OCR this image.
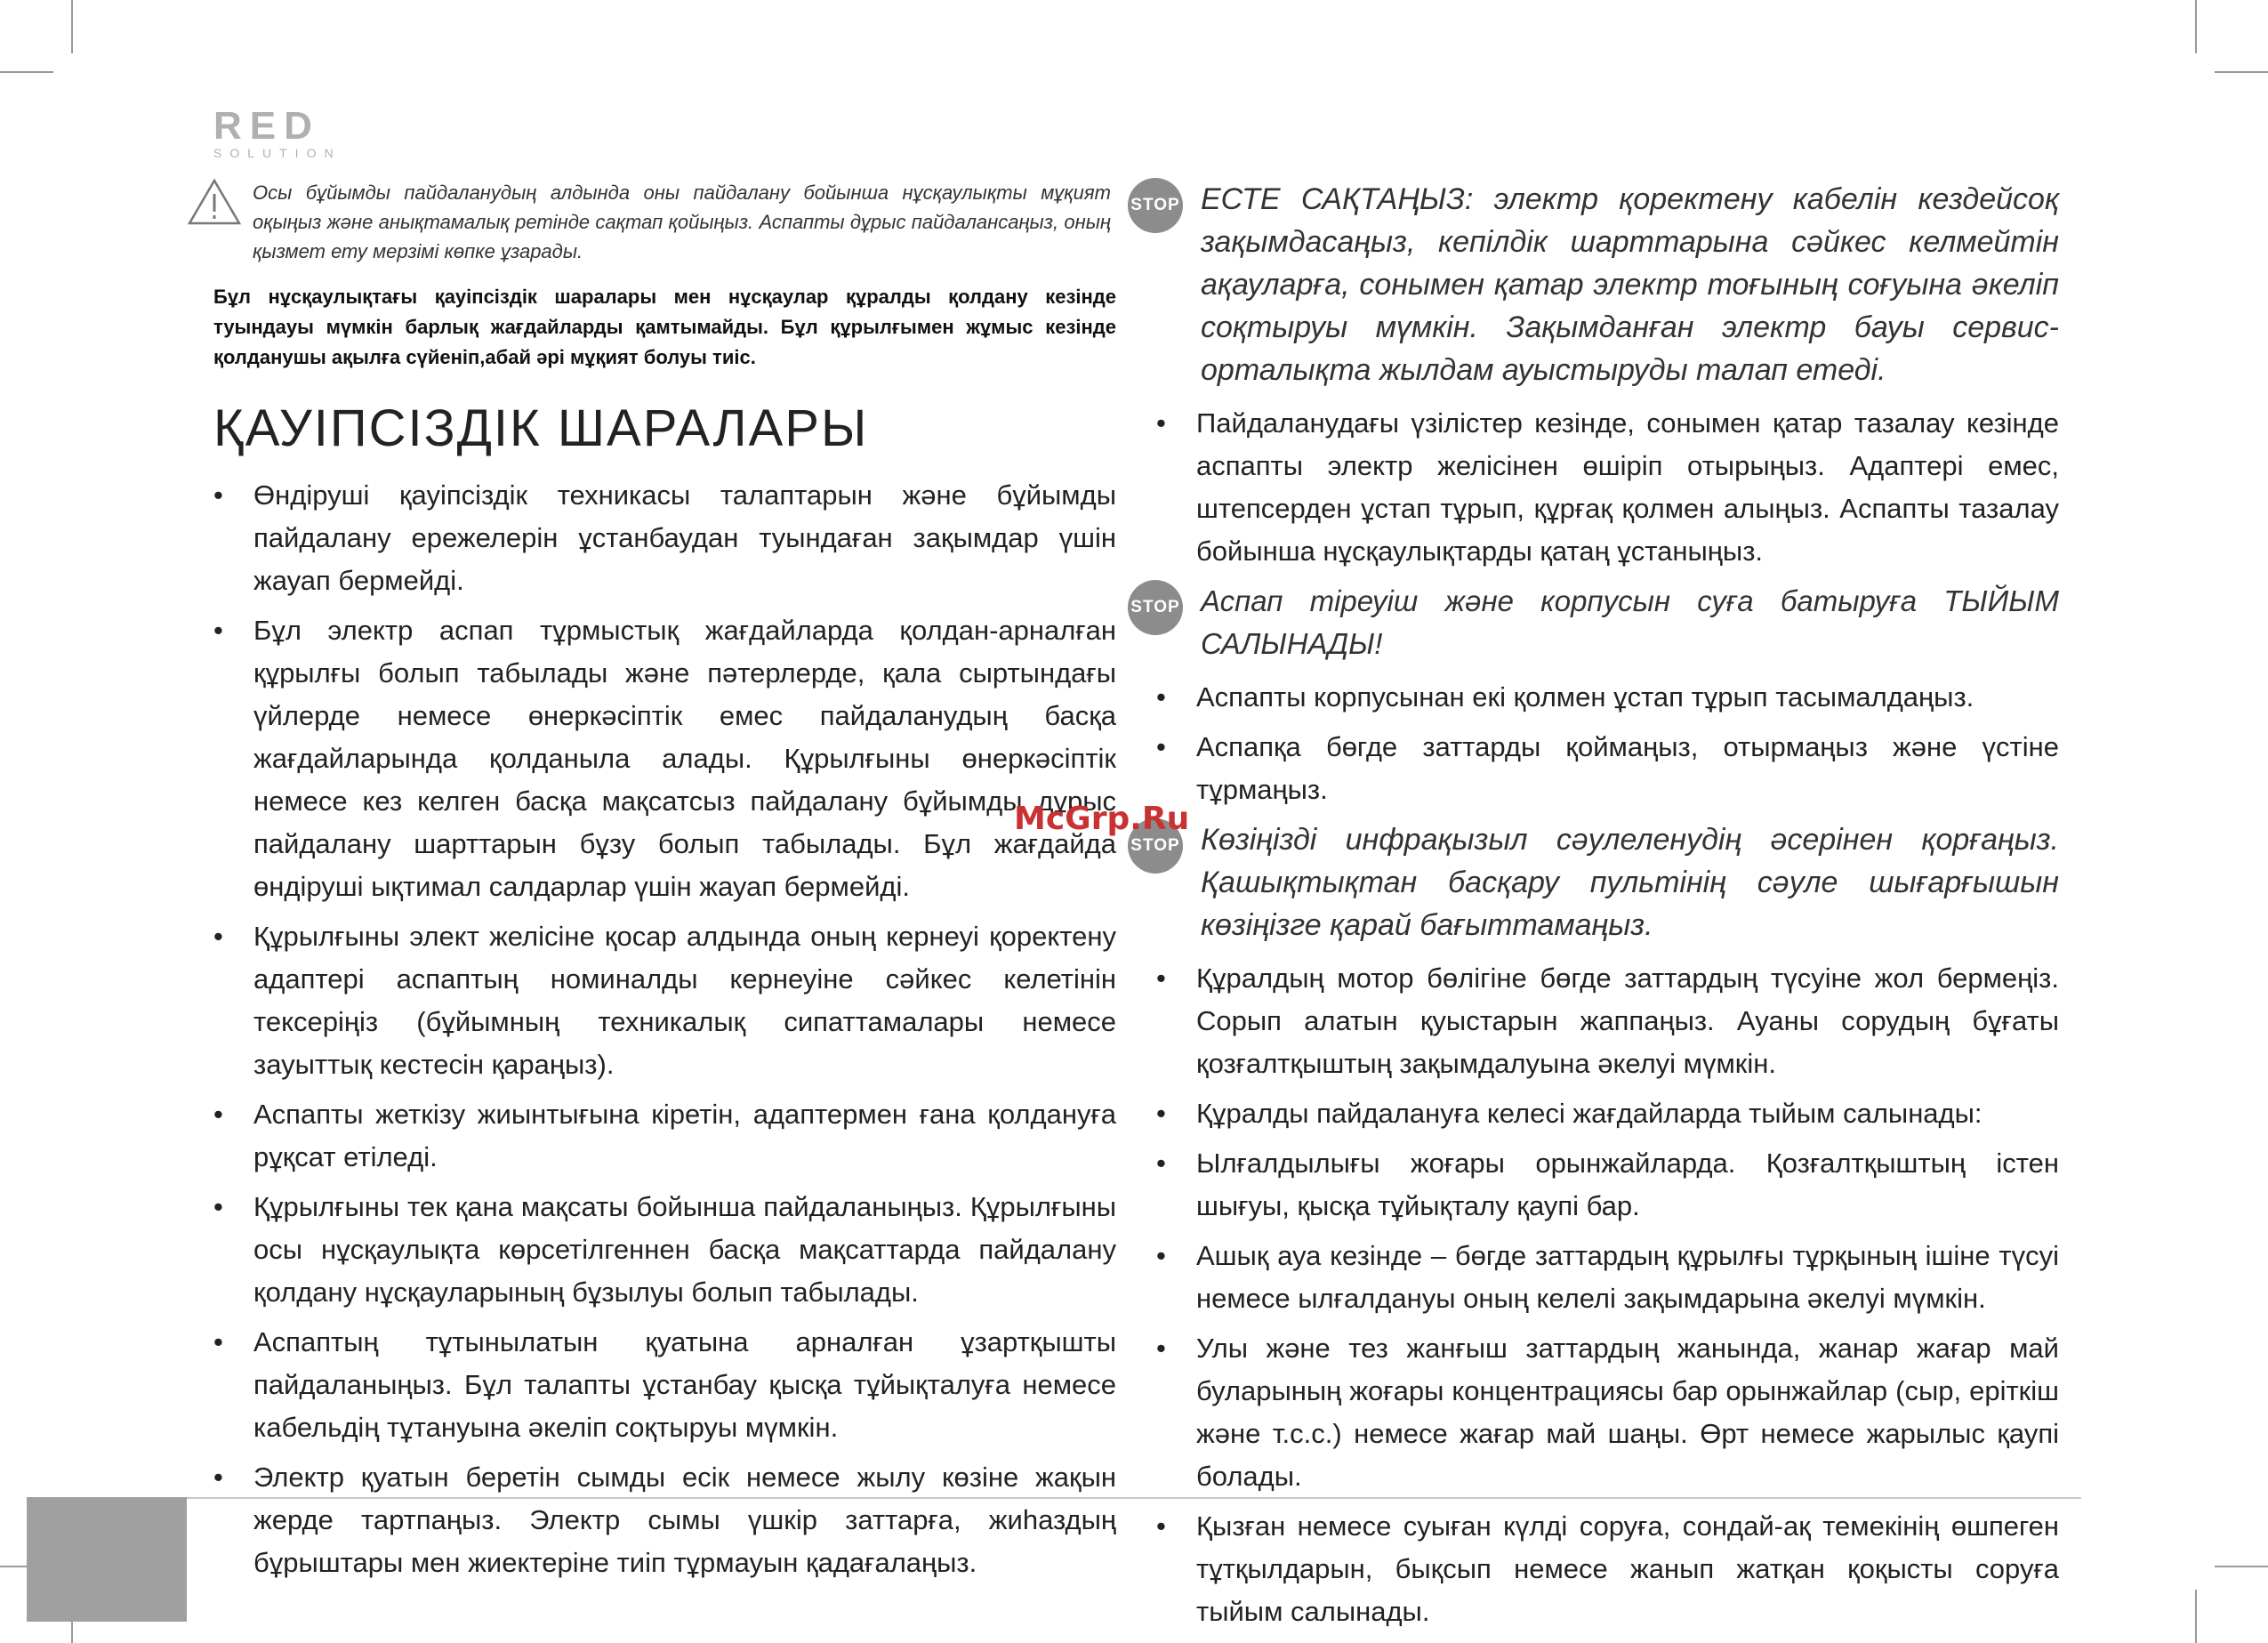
RED
SOLUTION
Осы бұйымды пайдаланудың алдында оны пайдалану бойынша нұсқаулықты мұқият оқыңыз және анықтамалық ретінде сақтап қойыңыз. Аспапты дұрыс пайдалансаңыз, оның қызмет ету мерзімі көпке ұзарады.
Бұл нұсқаулықтағы қауіпсіздік шаралары мен нұсқаулар құралды қолдану кезінде туындауы мүмкін барлық жағдайларды қамтымайды. Бұл құрылғымен жұмыс кезінде қолданушы ақылға сүйеніп,абай әрі мұқият болуы тиіс.
ҚАУІПСІЗДІК ШАРАЛАРЫ
• Өндіруші қауіпсіздік техникасы талаптарын және бұйымды пайдалану ережелерін ұстанбаудан туындаған зақымдар үшін жауап бермейді.
• Бұл электр аспап тұрмыстық жағдайларда қолдан-арналған құрылғы болып табылады және пәтерлерде, қала сыртындағы үйлерде немесе өнеркәсіптік емес пайдаланудың басқа жағдайларында қолданыла алады. Құрылғыны өнеркәсіптік немесе кез келген басқа мақсатсыз пайдалану бұйымды дұрыс пайдалану шарттарын бұзу болып табылады. Бұл жағдайда өндіруші ықтимал салдарлар үшін жауап бермейді.
• Құрылғыны элект желісіне қосар алдында оның кернеуі қоректену адаптері аспаптың номиналды кернеуіне сәйкес келетінін тексеріңіз (бұйымның техникалық сипаттамалары немесе зауыттық кестесін қараңыз).
• Аспапты жеткізу жиынтығына кіретін, адаптермен ғана қолдануға рұқсат етіледі.
• Құрылғыны тек қана мақсаты бойынша пайдаланыңыз. Құрылғыны осы нұсқаулықта көрсетілгеннен басқа мақсаттарда пайдалану қолдану нұсқауларының бұзылуы болып табылады.
• Аспаптың тұтынылатын қуатына арналған ұзартқышты пайдаланыңыз. Бұл талапты ұстанбау қысқа тұйықталуға немесе кабельдің тұтануына әкеліп соқтыруы мүмкін.
• Электр қуатын беретін сымды есік немесе жылу көзіне жақын жерде тартпаңыз. Электр сымы үшкір заттарға, жиһаздың бұрыштары мен жиектеріне тиіп тұрмауын қадағалаңыз.
STOP ЕСТЕ САҚТАҢЫЗ: электр қоректену кабелін кездейсоқ зақымдасаңыз, кепілдік шарттарына сәйкес келмейтін ақауларға, сонымен қатар электр тоғының соғуына әкеліп соқтыруы мүмкін. Зақымданған электр бауы сервис-орталықта жылдам ауыстыруды талап етеді.
• Пайдаланудағы үзілістер кезінде, сонымен қатар тазалау кезінде аспапты электр желісінен өшіріп отырыңыз. Адаптері емес, штепсерден ұстап тұрып, құрғақ қолмен алыңыз. Аспапты тазалау бойынша нұсқаулықтарды қатаң ұстаныңыз.
STOP Аспап тіреуіш және корпусын суға батыруға ТЫЙЫМ САЛЫНАДЫ!
• Аспапты корпусынан екі қолмен ұстап тұрып тасымалдаңыз.
• Аспапқа бөгде заттарды қоймаңыз, отырмаңыз және үстіне тұрмаңыз.
STOP Көзіңізді инфрақызыл сәулеленудің әсерінен қорғаңыз. Қашықтықтан басқару пультінің сәуле шығарғышын көзіңізге қарай бағыттамаңыз.
• Құралдың мотор бөлігіне бөгде заттардың түсуіне жол бермеңіз. Сорып алатын қуыстарын жаппаңыз. Ауаны сорудың бұғаты қозғалтқыштың зақымдалуына әкелуі мүмкін.
• Құралды пайдалануға келесі жағдайларда тыйым салынады:
• Ылғалдылығы жоғары орынжайларда. Қозғалтқыштың істен шығуы, қысқа тұйықталу қаупі бар.
• Ашық ауа кезінде – бөгде заттардың құрылғы тұрқының ішіне түсуі немесе ылғалдануы оның келелі зақымдарына әкелуі мүмкін.
• Улы және тез жанғыш заттардың жанында, жанар жағар май буларының жоғары концентрациясы бар орынжайлар (сыр, еріткіш және т.с.с.) немесе жағар май шаңы. Өрт немесе жарылыс қаупі болады.
• Қызған немесе суыған күлді соруға, сондай-ақ темекінің өшпеген тұтқылдарын, бықсып немесе жанып жатқан қоқысты соруға тыйым салынады.
McGrp.Ru
